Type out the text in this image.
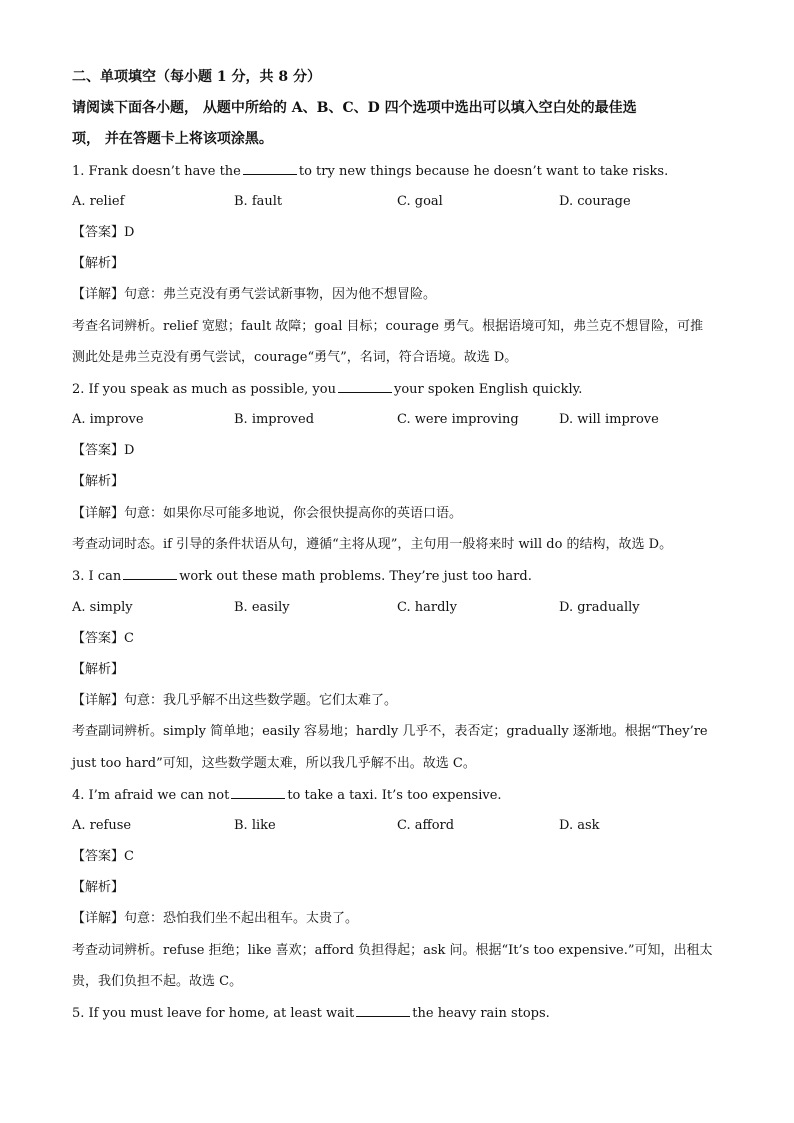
二、单项填空（每小题 1 分，共 8 分）
请阅读下面各小题， 从题中所给的 A、B、C、D 四个选项中选出可以填入空白处的最佳选
项， 并在答题卡上将该项涂黑。
1. Frank doesn’t have the	to try new things because he doesn’t want to take risks.
A. relief	B. fault	C. goal	D. courage
【答案】D
【解析】
【详解】句意：弗兰克没有勇气尝试新事物，因为他不想冒险。
考查名词辨析。relief 宽慰；fault 故障；goal 目标；courage 勇气。根据语境可知，弗兰克不想冒险，可推
测此处是弗兰克没有勇气尝试，courage“勇气”，名词，符合语境。故选 D。
2. If you speak as much as possible, you	your spoken English quickly.
A. improve	B. improved	C. were improving	D. will improve
【答案】D
【解析】
【详解】句意：如果你尽可能多地说，你会很快提高你的英语口语。
考查动词时态。if 引导的条件状语从句，遵循“主将从现”，主句用一般将来时 will do 的结构，故选 D。
3. I can	work out these math problems. They’re just too hard.
A. simply	B. easily	C. hardly	D. gradually
【答案】C
【解析】
【详解】句意：我几乎解不出这些数学题。它们太难了。
考查副词辨析。simply 简单地；easily 容易地；hardly 几乎不，表否定；gradually 逐渐地。根据“They’re
just too hard”可知，这些数学题太难，所以我几乎解不出。故选 C。
4. I’m afraid we can not	to take a taxi. It’s too expensive.
A. refuse	B. like	C. afford	D. ask
【答案】C
【解析】
【详解】句意：恐怕我们坐不起出租车。太贵了。
考查动词辨析。refuse 拒绝；like 喜欢；afford 负担得起；ask 问。根据“It’s too expensive.”可知，出租太
贵，我们负担不起。故选 C。
5. If you must leave for home, at least wait	the heavy rain stops.
